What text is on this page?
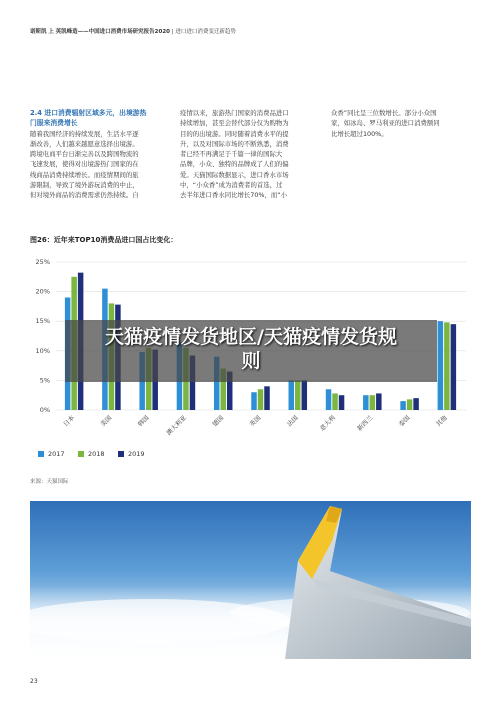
诺斯凯 上 英凯峰造——中国进口消费市场研究报告2020 | 进口进口消费变迁新趋势
2.4 进口消费辐射区域多元，出境游热
门服来消费增长
随着我国经济的持续发展，生活水平逐
渐改善，人们越来越愿意选择出境游。
跨境电商平台日渐完善以及跨国物流的
飞速发展，使得对出境游热门国家的在
线商品消费持续增长。而疫情期间的旅
游限制，导致了境外游玩消费的中止，
但对境外商品的消费需求仍然持续。自
疫情以来，旅游热门国家的消费品进口
持续增加，甚至会替代部分仅为购物为
目的的出境游。同时随着消费水平的提
升，以及对国际市场的不断熟悉，消费
者已经不再满足于千篇一律的国际大
品牌，小众、独特的品牌成了人们的偏
爱。天猫国际数据显示，进口香水市场
中，“小众香”成为消费者的首选，过
去半年进口香水同比增长70%，而“小
众香”同比呈三位数增长。部分小众国
家，如冰岛、罗马利亚的进口消费额同
比增长超过100%。
图26：近年来TOP10消费品进口国占比变化：
0%
5%
10%
15%
20%
25%
日本	美国	韩国 澳大利亚	德国	英国	法国	意大利	新西兰	泰国	其他
2017	2018	2019
来源：天猫国际
天猫疫情发货地区/天猫疫情发货规
则
23
